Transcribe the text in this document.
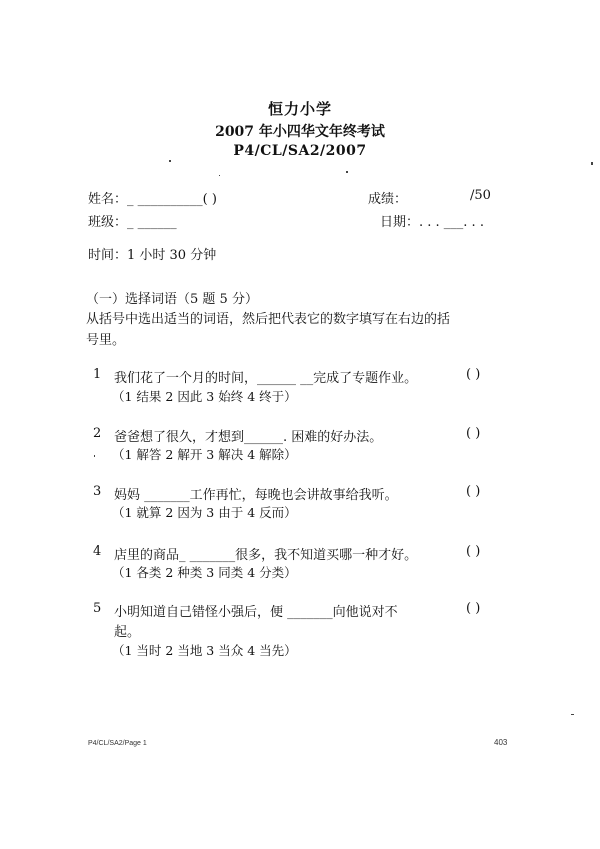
恒力小学
2007 年小四华文年终考试
P4/CL/SA2/2007
姓名：_ __________( )
班级：_ ______
成绩：	/50
日期：. . . ___. . .
时间：1 小时 30 分钟
（一）选择词语（5 题 5 分）
从括号中选出适当的词语，然后把代表它的数字填写在右边的括
号里。
1 我们花了一个月的时间，______ __完成了专题作业。	( )
（1 结果 2 因此 3 始终 4 终于）
2 爸爸想了很久，才想到______. 困难的好办法。	( )
（1 解答 2 解开 3 解决 4 解除）
3 妈妈 _______工作再忙，每晚也会讲故事给我听。	( )
（1 就算 2 因为 3 由于 4 反而）
4 店里的商品_ _______很多，我不知道买哪一种才好。	( )
（1 各类 2 种类 3 同类 4 分类）
5 小明知道自己错怪小强后，便 _______向他说对不
起。
( )
（1 当时 2 当地 3 当众 4 当先）
P4/CL/SA2/Page 1	403
